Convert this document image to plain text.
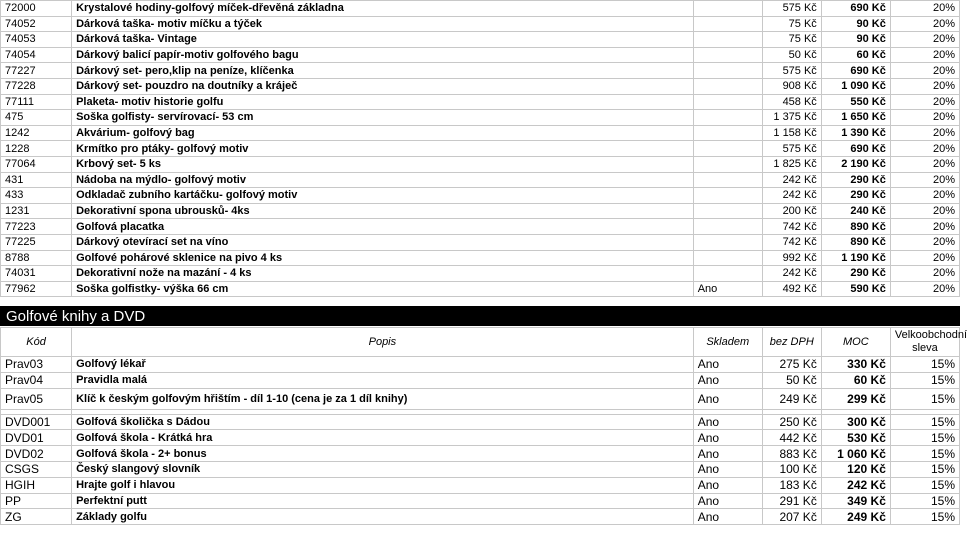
72000	Krystalové hodiny-golfový míček-dřevěná základna		575 Kč	690 Kč	20%
74052	Dárková taška- motiv míčku a týček		75 Kč	90 Kč	20%
74053	Dárková taška- Vintage		75 Kč	90 Kč	20%
74054	Dárkový balicí papír-motiv golfového bagu		50 Kč	60 Kč	20%
77227	Dárkový set- pero,klip na peníze, klíčenka		575 Kč	690 Kč	20%
77228	Dárkový set- pouzdro na doutníky a kráječ		908 Kč	1 090 Kč	20%
77111	Plaketa- motiv historie golfu		458 Kč	550 Kč	20%
475	Soška golfisty- servírovací- 53 cm		1 375 Kč	1 650 Kč	20%
1242	Akvárium- golfový bag		1 158 Kč	1 390 Kč	20%
1228	Krmítko pro ptáky- golfový motiv		575 Kč	690 Kč	20%
77064	Krbový set- 5 ks		1 825 Kč	2 190 Kč	20%
431	Nádoba na mýdlo- golfový motiv		242 Kč	290 Kč	20%
433	Odkladač zubního kartáčku- golfový motiv		242 Kč	290 Kč	20%
1231	Dekorativní spona ubrousků- 4ks		200 Kč	240 Kč	20%
77223	Golfová placatka		742 Kč	890 Kč	20%
77225	Dárkový otevírací set na víno		742 Kč	890 Kč	20%
8788	Golfové pohárové sklenice na pivo 4 ks		992 Kč	1 190 Kč	20%
74031	Dekorativní nože na mazání - 4 ks		242 Kč	290 Kč	20%
77962	Soška golfistky- výška 66 cm	Ano	492 Kč	590 Kč	20%
Golfové knihy a DVD
Kód	Popis	Skladem	bez DPH	MOC	Velkoobchodní sleva
Prav03	Golfový lékař	Ano	275 Kč	330 Kč	15%
Prav04	Pravidla malá	Ano	50 Kč	60 Kč	15%
Prav05	Klíč k českým golfovým hřištím - díl 1-10 (cena je za 1 díl knihy)	Ano	249 Kč	299 Kč	15%

DVD001	Golfová školička s Dádou	Ano	250 Kč	300 Kč	15%
DVD01	Golfová škola - Krátká hra	Ano	442 Kč	530 Kč	15%
DVD02	Golfová škola - 2+ bonus	Ano	883 Kč	1 060 Kč	15%
CSGS	Český slangový slovník	Ano	100 Kč	120 Kč	15%
HGIH	Hrajte golf i hlavou	Ano	183 Kč	242 Kč	15%
PP	Perfektní putt	Ano	291 Kč	349 Kč	15%
ZG	Základy golfu	Ano	207 Kč	249 Kč	15%
